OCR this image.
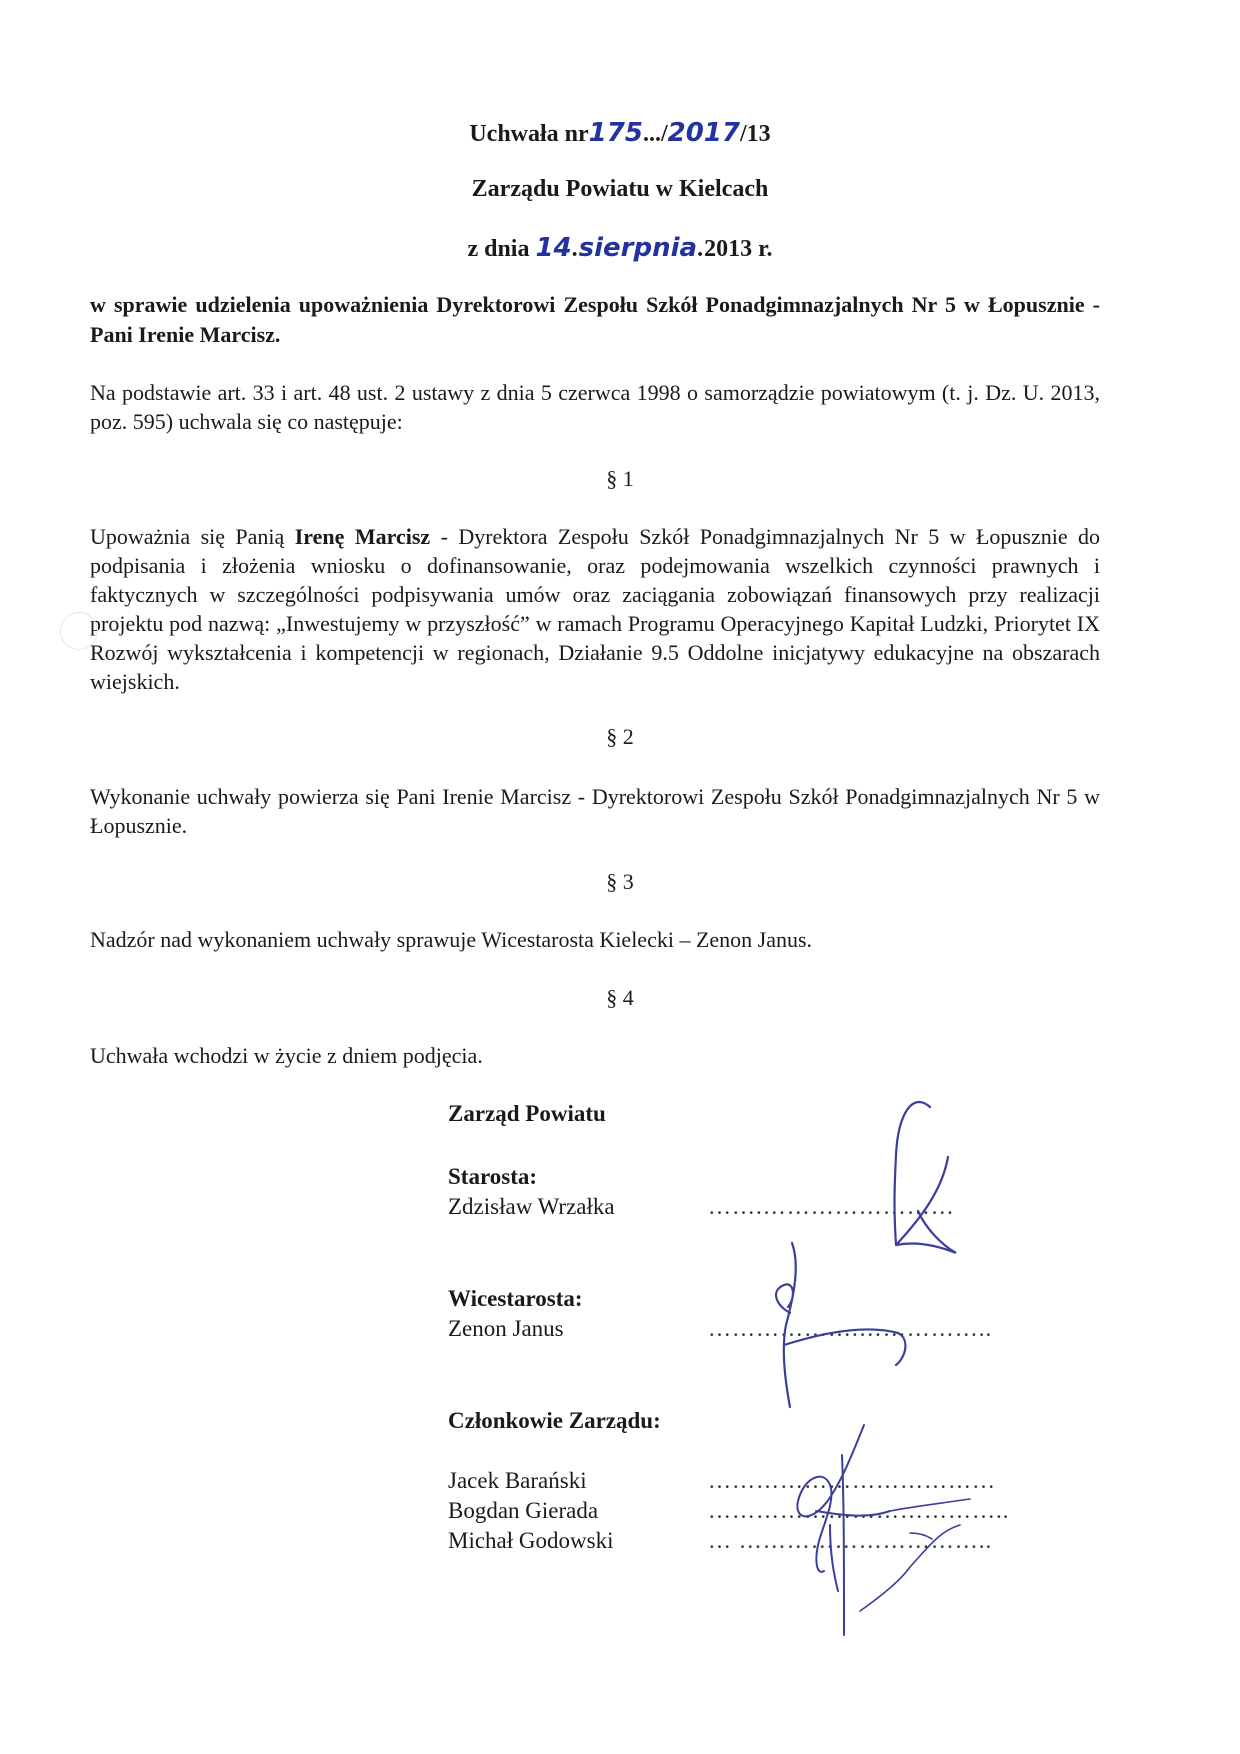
Uchwała nr175.../2017/13
Zarządu Powiatu w Kielcach
z dnia 14.sierpnia.2013 r.
w sprawie udzielenia upoważnienia Dyrektorowi Zespołu Szkół Ponadgimnazjalnych Nr 5 w Łopusznie - Pani Irenie Marcisz.
Na podstawie art. 33 i art. 48 ust. 2 ustawy z dnia 5 czerwca 1998 o samorządzie powiatowym (t. j. Dz. U. 2013, poz. 595) uchwala się co następuje:
§ 1
Upoważnia się Panią Irenę Marcisz - Dyrektora Zespołu Szkół Ponadgimnazjalnych Nr 5 w Łopusznie do podpisania i złożenia wniosku o dofinansowanie, oraz podejmowania wszelkich czynności prawnych i faktycznych w szczególności podpisywania umów oraz zaciągania zobowiązań finansowych przy realizacji projektu pod nazwą: „Inwestujemy w przyszłość” w ramach Programu Operacyjnego Kapitał Ludzki, Priorytet IX Rozwój wykształcenia i kompetencji w regionach, Działanie 9.5 Oddolne inicjatywy edukacyjne na obszarach wiejskich.
§ 2
Wykonanie uchwały powierza się Pani Irenie Marcisz - Dyrektorowi Zespołu Szkół Ponadgimnazjalnych Nr 5 w Łopusznie.
§ 3
Nadzór nad wykonaniem uchwały sprawuje Wicestarosta Kielecki – Zenon Janus.
§ 4
Uchwała wchodzi w życie z dniem podjęcia.
Zarząd Powiatu
Starosta:
Zdzisław Wrzałka	…….……………………
Wicestarosta:
Zenon Janus	……………….……………..
Członkowie Zarządu:
Jacek Barański	………………………………
Bogdan Gierada	………………………………..
Michał Godowski	… …………………………..
